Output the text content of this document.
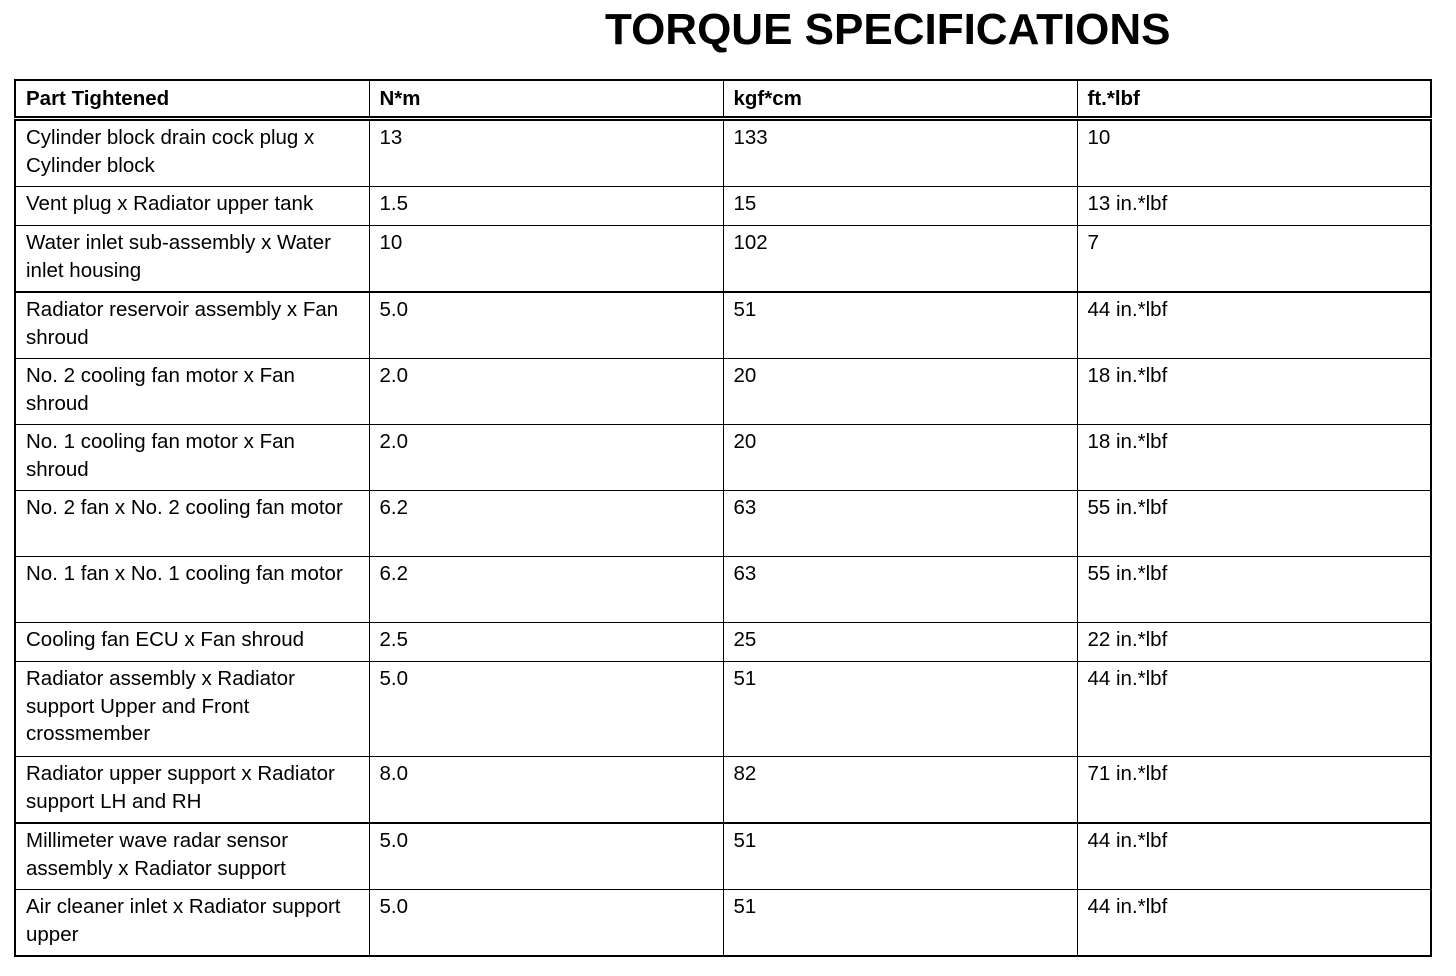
TORQUE SPECIFICATIONS
Part Tightened	N*m	kgf*cm	ft.*lbf
Cylinder block drain cock plug x Cylinder block	13	133	10
Vent plug x Radiator upper tank	1.5	15	13 in.*lbf
Water inlet sub-assembly x Water inlet housing	10	102	7
Radiator reservoir assembly x Fan shroud	5.0	51	44 in.*lbf
No. 2 cooling fan motor x Fan shroud	2.0	20	18 in.*lbf
No. 1 cooling fan motor x Fan shroud	2.0	20	18 in.*lbf
No. 2 fan x No. 2 cooling fan motor	6.2	63	55 in.*lbf
No. 1 fan x No. 1 cooling fan motor	6.2	63	55 in.*lbf
Cooling fan ECU x Fan shroud	2.5	25	22 in.*lbf
Radiator assembly x Radiator support Upper and Front crossmember	5.0	51	44 in.*lbf
Radiator upper support x Radiator support LH and RH	8.0	82	71 in.*lbf
Millimeter wave radar sensor assembly x Radiator support	5.0	51	44 in.*lbf
Air cleaner inlet x Radiator support upper	5.0	51	44 in.*lbf
